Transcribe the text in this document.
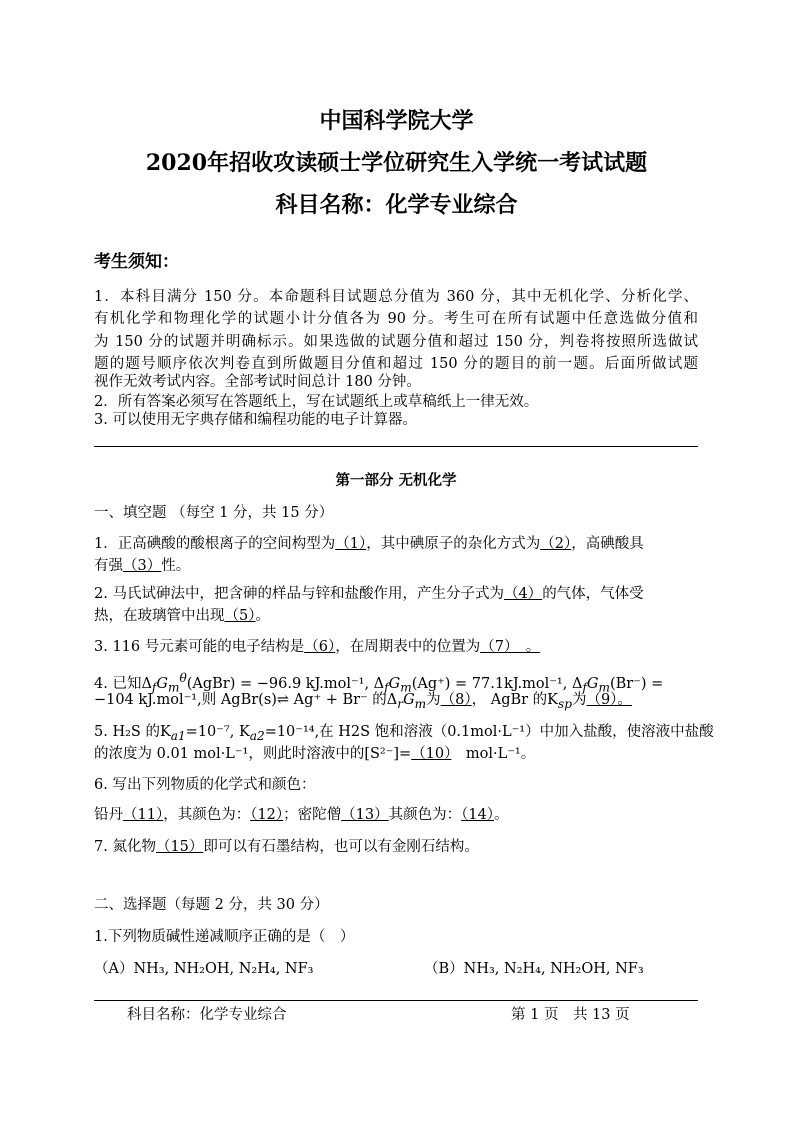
中国科学院大学
2020年招收攻读硕士学位研究生入学统一考试试题
科目名称：化学专业综合
考生须知：
1．本科目满分 150 分。本命题科目试题总分值为 360 分，其中无机化学、分析化学、
有机化学和物理化学的试题小计分值各为 90 分。考生可在所有试题中任意选做分值和
为 150 分的试题并明确标示。如果选做的试题分值和超过 150 分，判卷将按照所选做试
题的题号顺序依次判卷直到所做题目分值和超过 150 分的题目的前一题。后面所做试题
视作无效考试内容。全部考试时间总计 180 分钟。
2．所有答案必须写在答题纸上，写在试题纸上或草稿纸上一律无效。
3. 可以使用无字典存储和编程功能的电子计算器。
第一部分 无机化学
一、填空题 （每空 1 分，共 15 分）
1．正高碘酸的酸根离子的空间构型为（1），其中碘原子的杂化方式为（2），高碘酸具
有强（3）性。
2. 马氏试砷法中，把含砷的样品与锌和盐酸作用，产生分子式为（4）的气体，气体受
热，在玻璃管中出现（5）。
3. 116 号元素可能的电子结构是（6），在周期表中的位置为（7）　。
4. 已知$\Delta_fG_m^\theta(AgBr) = -96.9$ kJ.mol⁻¹, $\Delta_fG_m(Ag^+) = 77.1kJ.mol^{-1}$, $\Delta_fG_m(Br^-)$ =
−104 kJ.mol⁻¹,则 AgBr(s)⇌ Ag⁺ + Br⁻ 的$\Delta_rG_m$为（8）， AgBr 的$K_{sp}$为（9）。
5. H₂S 的$K_{a1}=10^{-7}$, $K_{a2}=10^{-14}$,在 H2S 饱和溶液（0.1mol·L⁻¹）中加入盐酸，使溶液中盐酸
的浓度为 0.01 mol·L⁻¹，则此时溶液中的[S²⁻]=（10）　mol·L⁻¹。
6. 写出下列物质的化学式和颜色：
铅丹（11），其颜色为：（12）；密陀僧（13）其颜色为：（14）。
7. 氮化物（15）即可以有石墨结构，也可以有金刚石结构。
二、选择题（每题 2 分，共 30 分）
1.下列物质碱性递减顺序正确的是（　）
（A）NH₃, NH₂OH, N₂H₄, NF₃	（B）NH₃, N₂H₄, NH₂OH, NF₃
科目名称：化学专业综合	第 1 页　共 13 页
